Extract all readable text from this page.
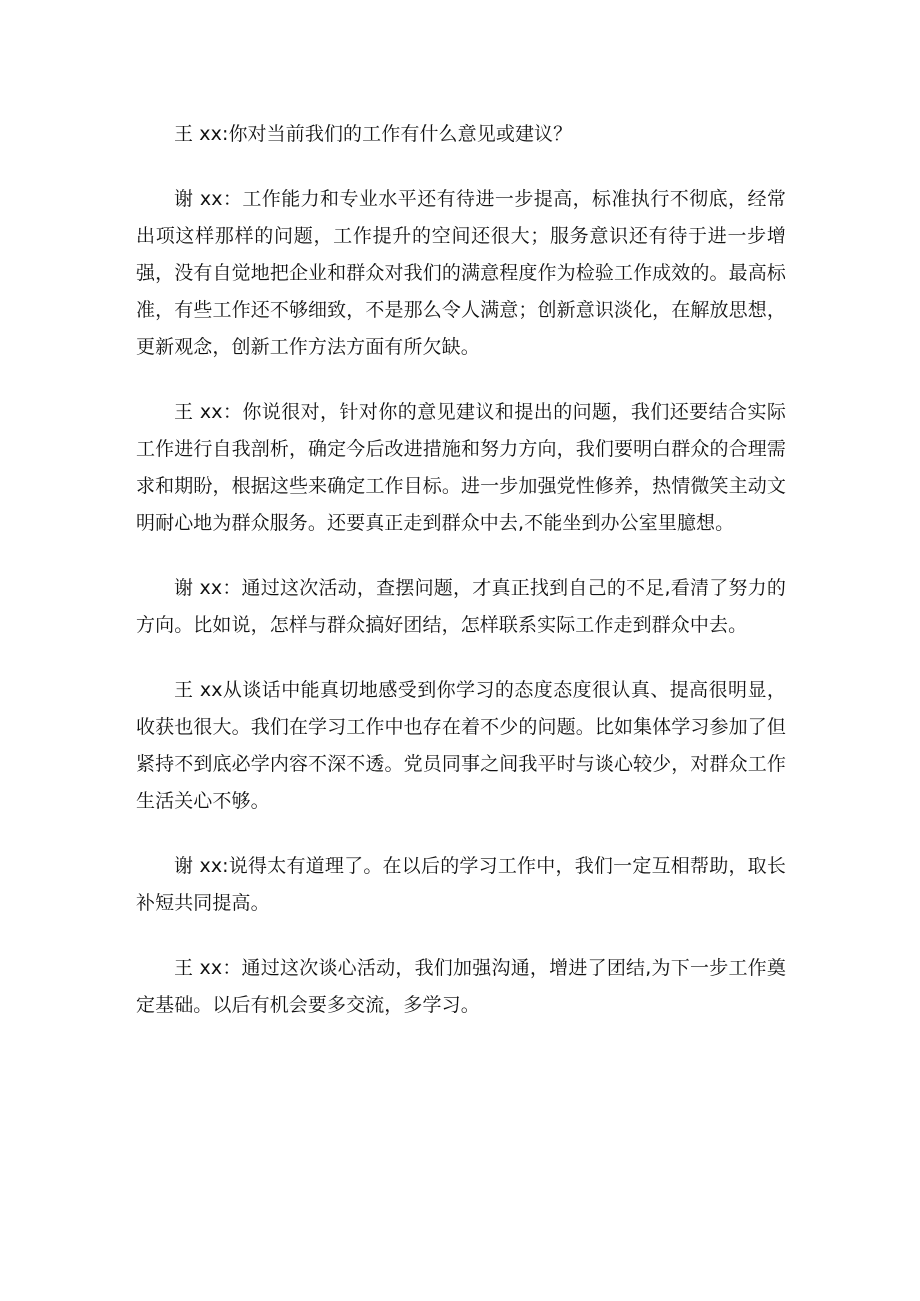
王 xx:你对当前我们的工作有什么意见或建议？

谢 xx：工作能力和专业水平还有待进一步提高，标准执行不彻底，经常出项这样那样的问题，工作提升的空间还很大；服务意识还有待于进一步增强，没有自觉地把企业和群众对我们的满意程度作为检验工作成效的。最高标准，有些工作还不够细致，不是那么令人满意；创新意识淡化，在解放思想，更新观念，创新工作方法方面有所欠缺。

王 xx：你说很对，针对你的意见建议和提出的问题，我们还要结合实际工作进行自我剖析，确定今后改进措施和努力方向，我们要明白群众的合理需求和期盼，根据这些来确定工作目标。进一步加强党性修养，热情微笑主动文明耐心地为群众服务。还要真正走到群众中去,不能坐到办公室里臆想。

谢 xx：通过这次活动，查摆问题，才真正找到自己的不足,看清了努力的方向。比如说，怎样与群众搞好团结，怎样联系实际工作走到群众中去。

王 xx从谈话中能真切地感受到你学习的态度态度很认真、提高很明显，收获也很大。我们在学习工作中也存在着不少的问题。比如集体学习参加了但紧持不到底必学内容不深不透。党员同事之间我平时与谈心较少，对群众工作生活关心不够。

谢 xx:说得太有道理了。在以后的学习工作中，我们一定互相帮助，取长补短共同提高。

王 xx：通过这次谈心活动，我们加强沟通，增进了团结,为下一步工作奠定基础。以后有机会要多交流，多学习。
